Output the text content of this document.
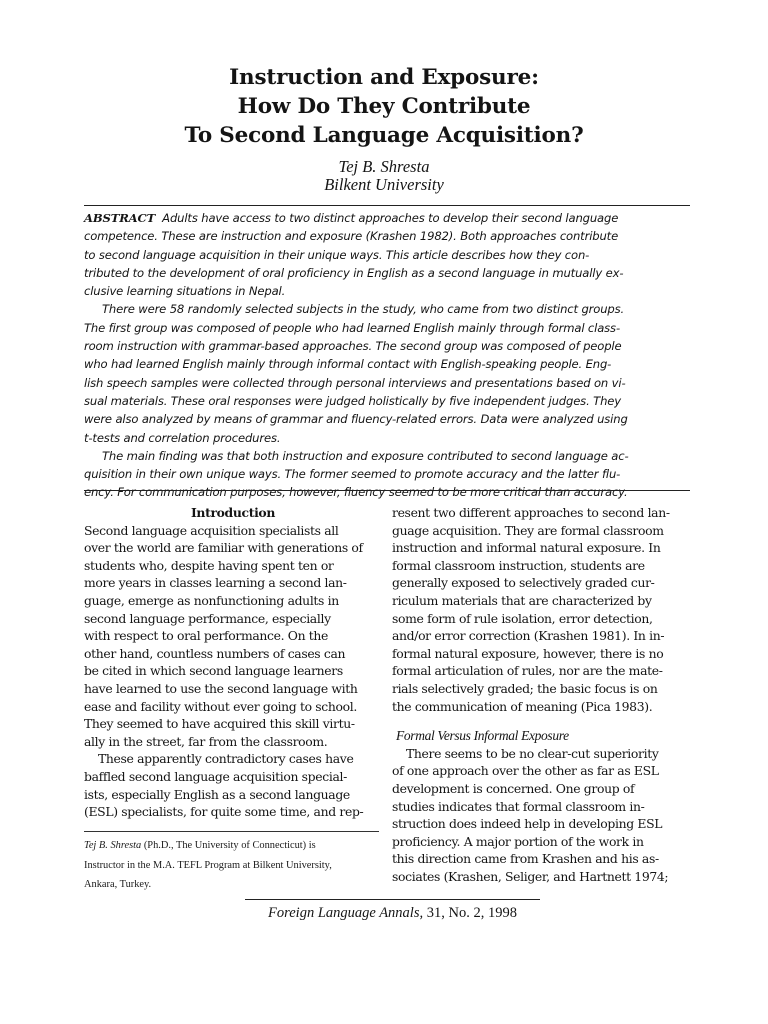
Instruction and Exposure:
How Do They Contribute
To Second Language Acquisition?
Tej B. Shresta
Bilkent University
ABSTRACT Adults have access to two distinct approaches to develop their second language
competence. These are instruction and exposure (Krashen 1982). Both approaches contribute
to second language acquisition in their unique ways. This article describes how they con-
tributed to the development of oral proficiency in English as a second language in mutually ex-
clusive learning situations in Nepal.
There were 58 randomly selected subjects in the study, who came from two distinct groups.
The first group was composed of people who had learned English mainly through formal class-
room instruction with grammar-based approaches. The second group was composed of people
who had learned English mainly through informal contact with English-speaking people. Eng-
lish speech samples were collected through personal interviews and presentations based on vi-
sual materials. These oral responses were judged holistically by five independent judges. They
were also analyzed by means of grammar and fluency-related errors. Data were analyzed using
t-tests and correlation procedures.
The main finding was that both instruction and exposure contributed to second language ac-
quisition in their own unique ways. The former seemed to promote accuracy and the latter flu-
ency. For communication purposes, however, fluency seemed to be more critical than accuracy.
Introduction
Second language acquisition specialists all
over the world are familiar with generations of
students who, despite having spent ten or
more years in classes learning a second lan-
guage, emerge as nonfunctioning adults in
second language performance, especially
with respect to oral performance. On the
other hand, countless numbers of cases can
be cited in which second language learners
have learned to use the second language with
ease and facility without ever going to school.
They seemed to have acquired this skill virtu-
ally in the street, far from the classroom.
These apparently contradictory cases have
baffled second language acquisition special-
ists, especially English as a second language
(ESL) specialists, for quite some time, and rep-
Tej B. Shresta (Ph.D., The University of Connecticut) is
Instructor in the M.A. TEFL Program at Bilkent University,
Ankara, Turkey.
resent two different approaches to second lan-
guage acquisition. They are formal classroom
instruction and informal natural exposure. In
formal classroom instruction, students are
generally exposed to selectively graded cur-
riculum materials that are characterized by
some form of rule isolation, error detection,
and/or error correction (Krashen 1981). In in-
formal natural exposure, however, there is no
formal articulation of rules, nor are the mate-
rials selectively graded; the basic focus is on
the communication of meaning (Pica 1983).
Formal Versus Informal Exposure
There seems to be no clear-cut superiority
of one approach over the other as far as ESL
development is concerned. One group of
studies indicates that formal classroom in-
struction does indeed help in developing ESL
proficiency. A major portion of the work in
this direction came from Krashen and his as-
sociates (Krashen, Seliger, and Hartnett 1974;
Foreign Language Annals, 31, No. 2, 1998
